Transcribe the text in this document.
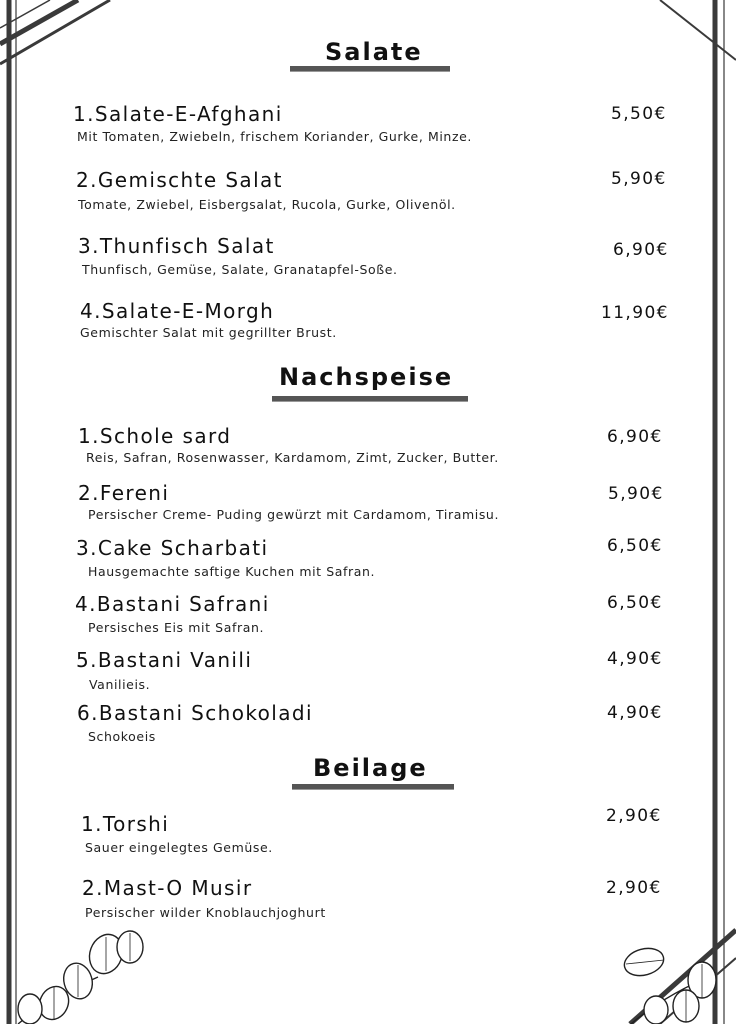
Salate
1.Salate-E-Afghani
Mit Tomaten, Zwiebeln, frischem Koriander, Gurke, Minze.
5,50€
2.Gemischte Salat
Tomate, Zwiebel, Eisbergsalat, Rucola, Gurke, Olivenöl.
5,90€
3.Thunfisch Salat
Thunfisch, Gemüse, Salate, Granatapfel-Soße.
6,90€
4.Salate-E-Morgh
Gemischter Salat mit gegrillter Brust.
11,90€
Nachspeise
1.Schole sard
Reis, Safran, Rosenwasser, Kardamom, Zimt, Zucker, Butter.
6,90€
2.Fereni
Persischer Creme- Puding gewürzt mit Cardamom, Tiramisu.
5,90€
3.Cake Scharbati
Hausgemachte saftige Kuchen mit Safran.
6,50€
4.Bastani Safrani
Persisches Eis mit Safran.
6,50€
5.Bastani Vanili
Vanilieis.
4,90€
6.Bastani Schokoladi
Schokoeis
4,90€
Beilage
1.Torshi
Sauer eingelegtes Gemüse.
2,90€
2.Mast-O Musir
Persischer wilder Knoblauchjoghurt
2,90€
